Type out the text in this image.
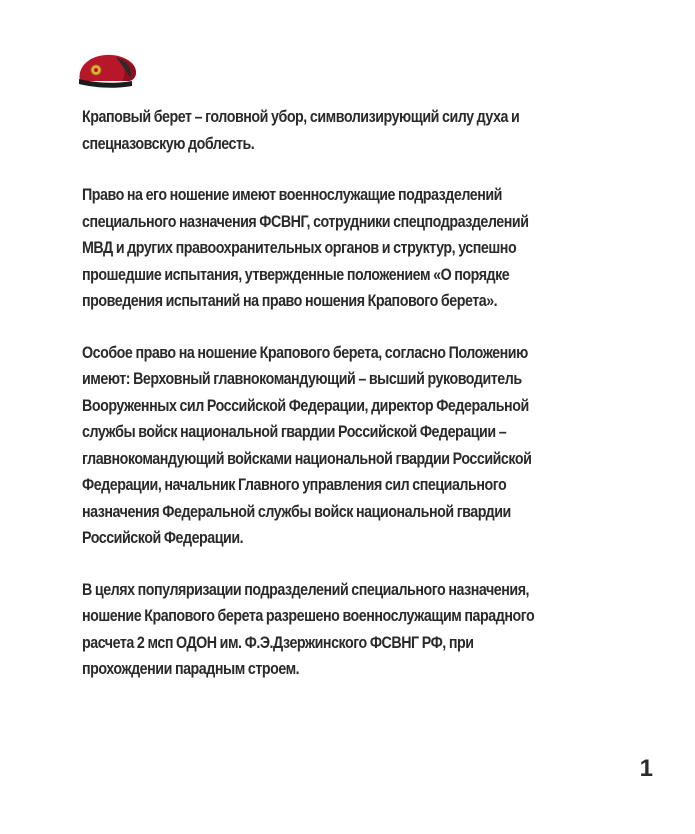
Краповый берет – головной убор, символизирующий силу духа и
спецназовскую доблесть.

Право на его ношение имеют военнослужащие подразделений
специального назначения ФСВНГ, сотрудники спецподразделений
МВД и других правоохранительных органов и структур, успешно
прошедшие испытания, утвержденные положением «О порядке
проведения испытаний на право ношения Крапового берета».

Особое право на ношение Крапового берета, согласно Положению
имеют: Верховный главнокомандующий – высший руководитель
Вооруженных сил Российской Федерации, директор Федеральной
службы войск национальной гвардии Российской Федерации –
главнокомандующий войсками национальной гвардии Российской
Федерации, начальник Главного управления сил специального
назначения Федеральной службы войск национальной гвардии
Российской Федерации.

В целях популяризации подразделений специального назначения,
ношение Крапового берета разрешено военнослужащим парадного
расчета 2 мсп ОДОН им. Ф.Э.Дзержинского ФСВНГ РФ, при
прохождении парадным строем.

1
